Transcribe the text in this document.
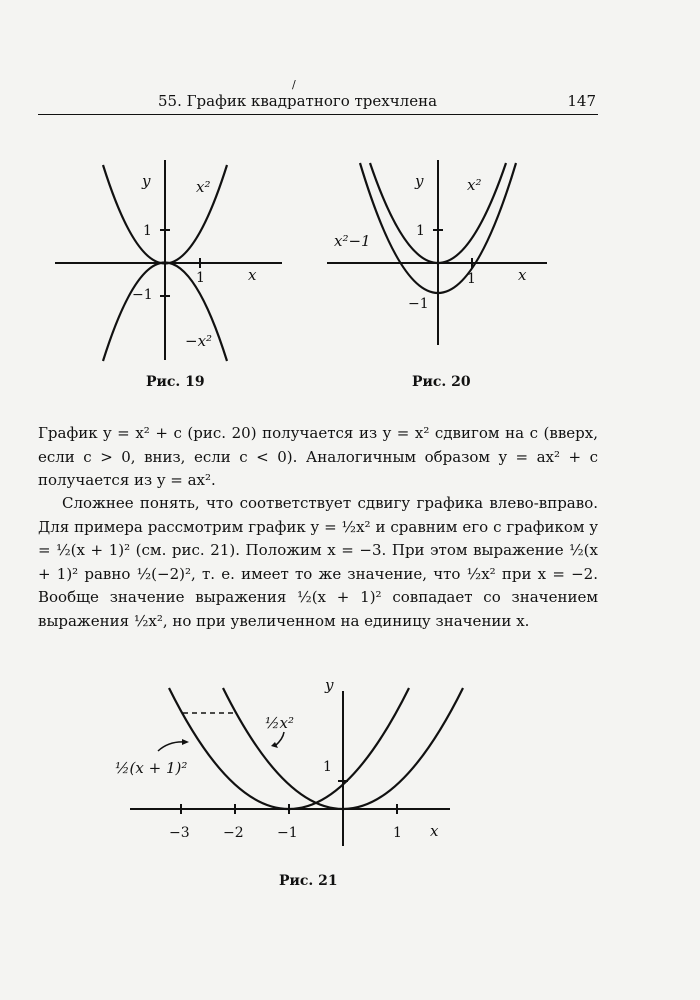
/
55. График квадратного трехчлена	147
y
x
1
1
−1
x²
−x²
Рис. 19
y
x
1
1
−1
x²
x²−1
Рис. 20
График y = x² + c (рис. 20) получается из y = x² сдвигом на c (вверх, если c > 0, вниз, если c < 0). Аналогичным образом y = ax² + c получается из y = ax².
Сложнее понять, что соответствует сдвигу графика влево-вправо. Для примера рассмотрим график y = ½x² и сравним его с графиком y = ½(x + 1)² (см. рис. 21). Положим x = −3. При этом выражение ½(x + 1)² равно ½(−2)², т. е. имеет то же значение, что ½x² при x = −2. Вообще значение выражения ½(x + 1)² совпадает со значением выражения ½x², но при увеличенном на единицу значении x.
y
x
1
½x²
½(x + 1)²
−3 −2 −1	1
Рис. 21
